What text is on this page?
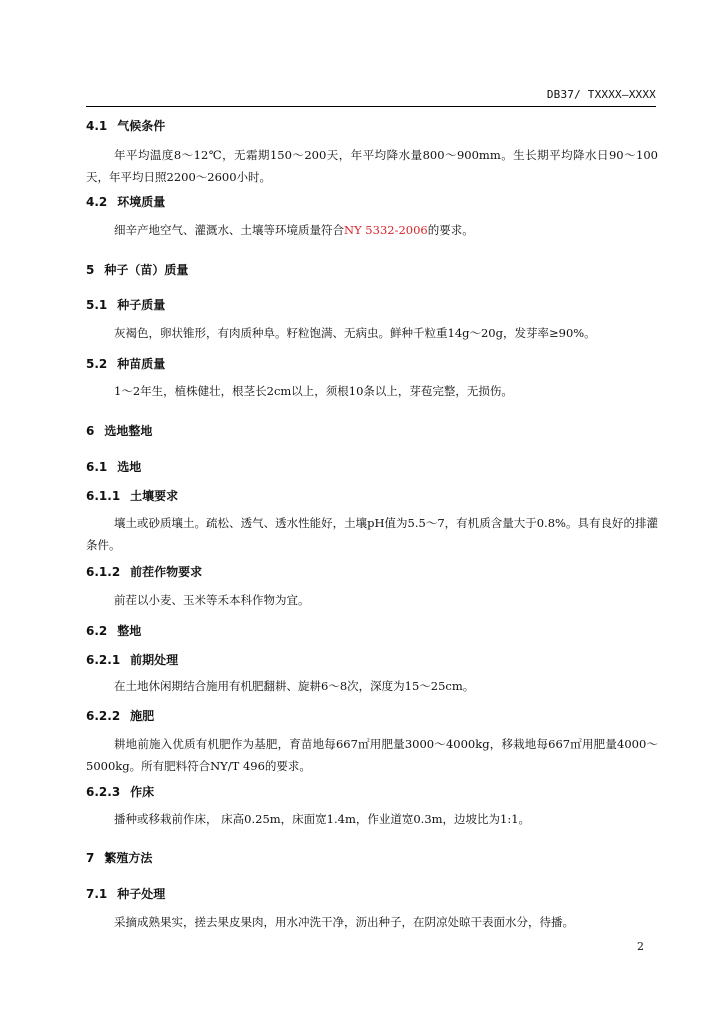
DB37/ TXXXX—XXXX
4.1 气候条件
年平均温度8～12℃，无霜期150～200天，年平均降水量800～900mm。生长期平均降水日90～100天，年平均日照2200～2600小时。
4.2 环境质量
细辛产地空气、灌溉水、土壤等环境质量符合NY 5332-2006的要求。
5 种子（苗）质量
5.1 种子质量
灰褐色，卵状锥形，有肉质种阜。籽粒饱满、无病虫。鲜种千粒重14g～20g，发芽率≥90%。
5.2 种苗质量
1～2年生，植株健壮，根茎长2cm以上，须根10条以上，芽苞完整，无损伤。
6 选地整地
6.1 选地
6.1.1 土壤要求
壤土或砂质壤土。疏松、透气、透水性能好，土壤pH值为5.5～7，有机质含量大于0.8%。具有良好的排灌条件。
6.1.2 前茬作物要求
前茬以小麦、玉米等禾本科作物为宜。
6.2 整地
6.2.1 前期处理
在土地休闲期结合施用有机肥翻耕、旋耕6～8次，深度为15～25cm。
6.2.2 施肥
耕地前施入优质有机肥作为基肥，育苗地每667㎡用肥量3000～4000kg，移栽地每667㎡用肥量4000～5000kg。所有肥料符合NY/T 496的要求。
6.2.3 作床
播种或移栽前作床， 床高0.25m，床面宽1.4m，作业道宽0.3m，边坡比为1:1。
7 繁殖方法
7.1 种子处理
采摘成熟果实，搓去果皮果肉，用水冲洗干净，沥出种子，在阴凉处晾干表面水分，待播。
2
